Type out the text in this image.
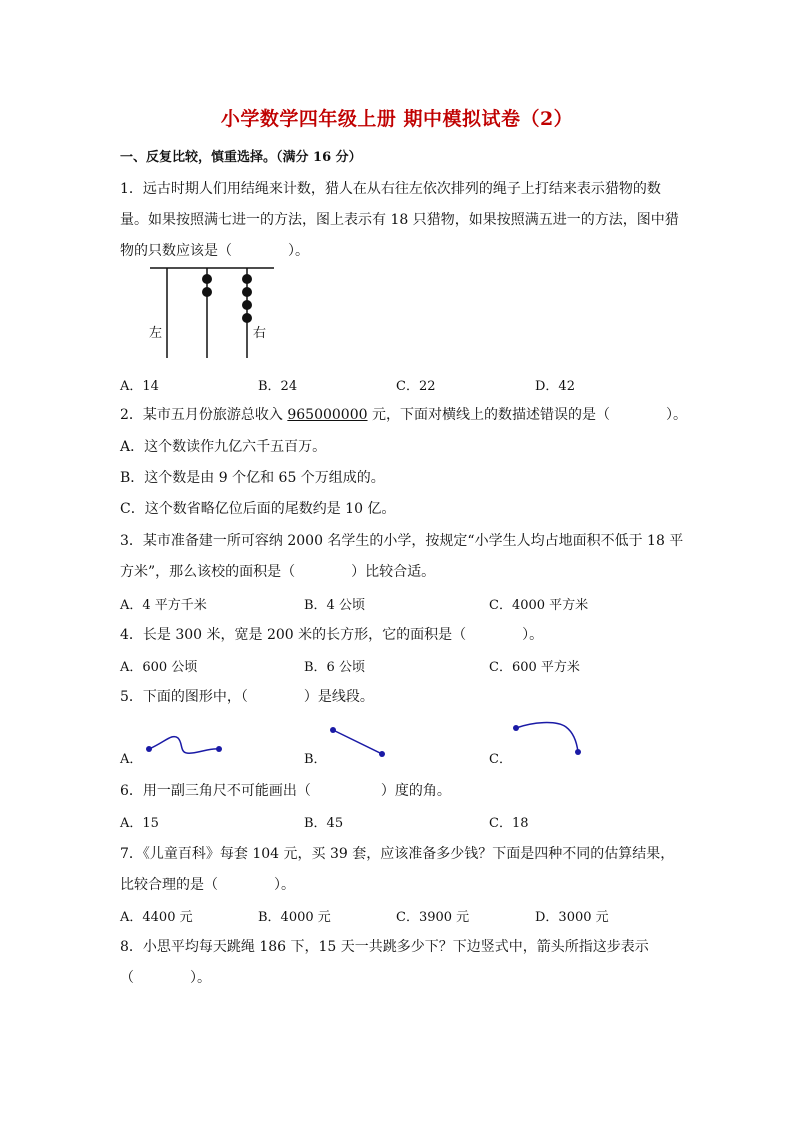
小学数学四年级上册 期中模拟试卷（2）
一、反复比较，慎重选择。（满分 16 分）
1．远古时期人们用结绳来计数，猎人在从右往左依次排列的绳子上打结来表示猎物的数
量。如果按照满七进一的方法，图上表示有 18 只猎物，如果按照满五进一的方法，图中猎
物的只数应该是（　　　　）。
左	右
A．14	B．24	C．22	D．42
2．某市五月份旅游总收入 965000000 元，下面对横线上的数描述错误的是（　　　　）。
A．这个数读作九亿六千五百万。
B．这个数是由 9 个亿和 65 个万组成的。
C．这个数省略亿位后面的尾数约是 10 亿。
3．某市准备建一所可容纳 2000 名学生的小学，按规定“小学生人均占地面积不低于 18 平
方米”，那么该校的面积是（　　　　）比较合适。
A．4 平方千米	B．4 公顷	C．4000 平方米
4．长是 300 米，宽是 200 米的长方形，它的面积是（　　　　）。
A．600 公顷	B．6 公顷	C．600 平方米
5．下面的图形中，（　　　　）是线段。
A．	B．	C．
6．用一副三角尺不可能画出（　　　　　）度的角。
A．15	B．45	C．18
7．《儿童百科》每套 104 元，买 39 套，应该准备多少钱？下面是四种不同的估算结果，
比较合理的是（　　　　）。
A．4400 元	B．4000 元	C．3900 元	D．3000 元
8．小思平均每天跳绳 186 下，15 天一共跳多少下？下边竖式中，箭头所指这步表示
（　　　　）。
